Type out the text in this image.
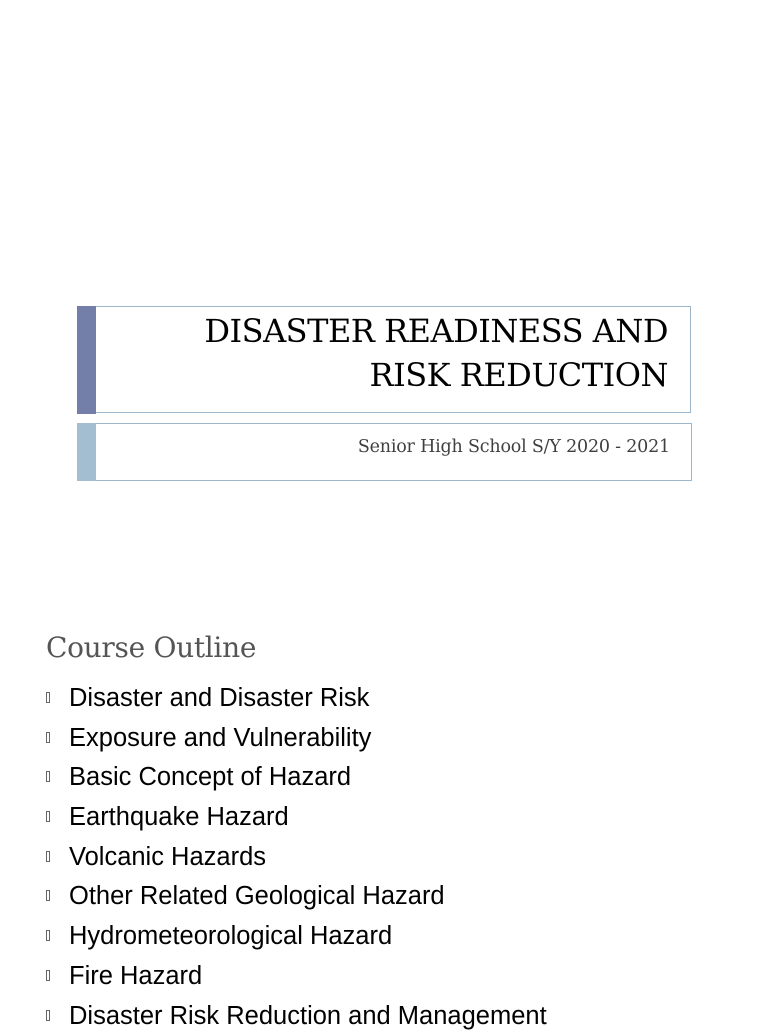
DISASTER READINESS AND
RISK REDUCTION
Senior High School S/Y 2020 - 2021
Course Outline
Disaster and Disaster Risk
Exposure and Vulnerability
Basic Concept of Hazard
Earthquake Hazard
Volcanic Hazards
Other Related Geological Hazard
Hydrometeorological Hazard
Fire Hazard
Disaster Risk Reduction and Management
